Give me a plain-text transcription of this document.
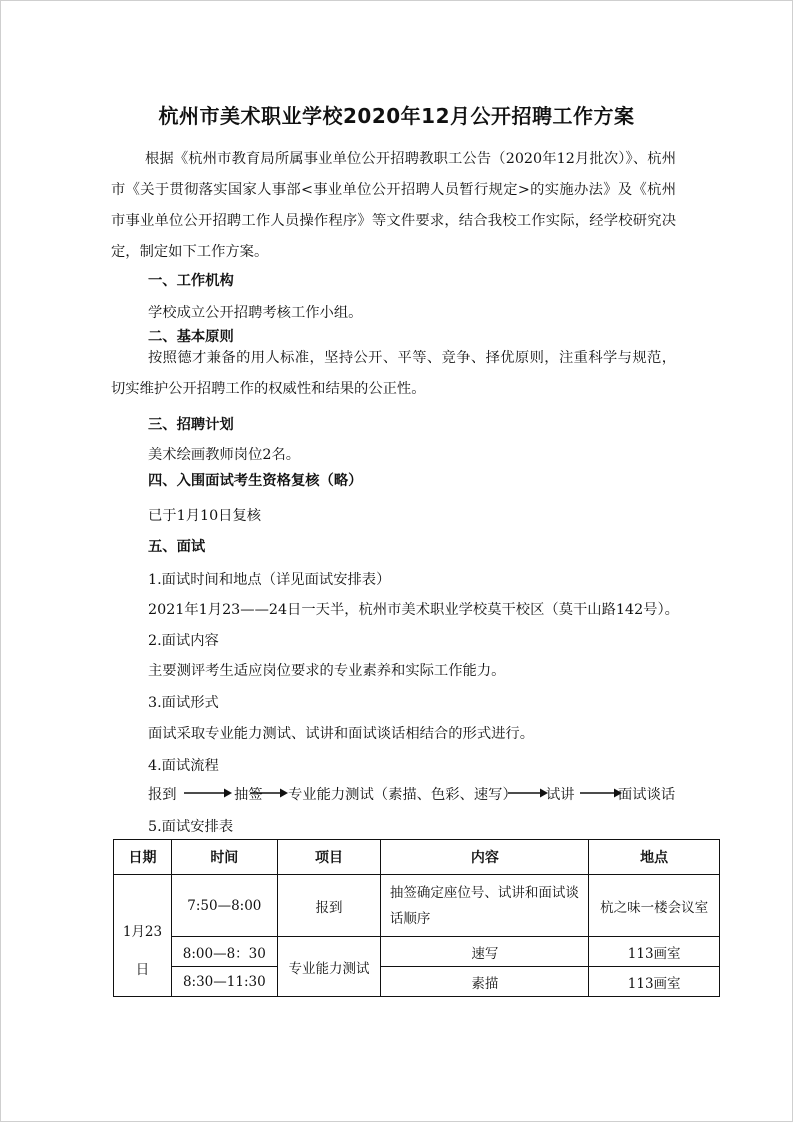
杭州市美术职业学校2020年12月公开招聘工作方案
根据《杭州市教育局所属事业单位公开招聘教职工公告（2020年12月批次）》、杭州市《关于贯彻落实国家人事部<事业单位公开招聘人员暂行规定>的实施办法》及《杭州市事业单位公开招聘工作人员操作程序》等文件要求，结合我校工作实际，经学校研究决定，制定如下工作方案。
一、工作机构
学校成立公开招聘考核工作小组。
二、基本原则
按照德才兼备的用人标准，坚持公开、平等、竞争、择优原则，注重科学与规范，切实维护公开招聘工作的权威性和结果的公正性。
三、招聘计划
美术绘画教师岗位2名。
四、入围面试考生资格复核（略）
已于1月10日复核
五、面试
1.面试时间和地点（详见面试安排表）
2021年1月23——24日一天半，杭州市美术职业学校莫干校区（莫干山路142号）。
2.面试内容
主要测评考生适应岗位要求的专业素养和实际工作能力。
3.面试形式
面试采取专业能力测试、试讲和面试谈话相结合的形式进行。
4.面试流程
报到	抽签 专业能力测试（素描、色彩、速写） 试讲	面试谈话
5.面试安排表
日期	时间	项目	内容	地点

1月23日	7:50—8:00	报到	抽签确定座位号、试讲和面试谈话顺序	杭之味一楼会议室
	8:00—8：30	专业能力测试	速写	113画室
	8:30—11:30		素描	113画室
